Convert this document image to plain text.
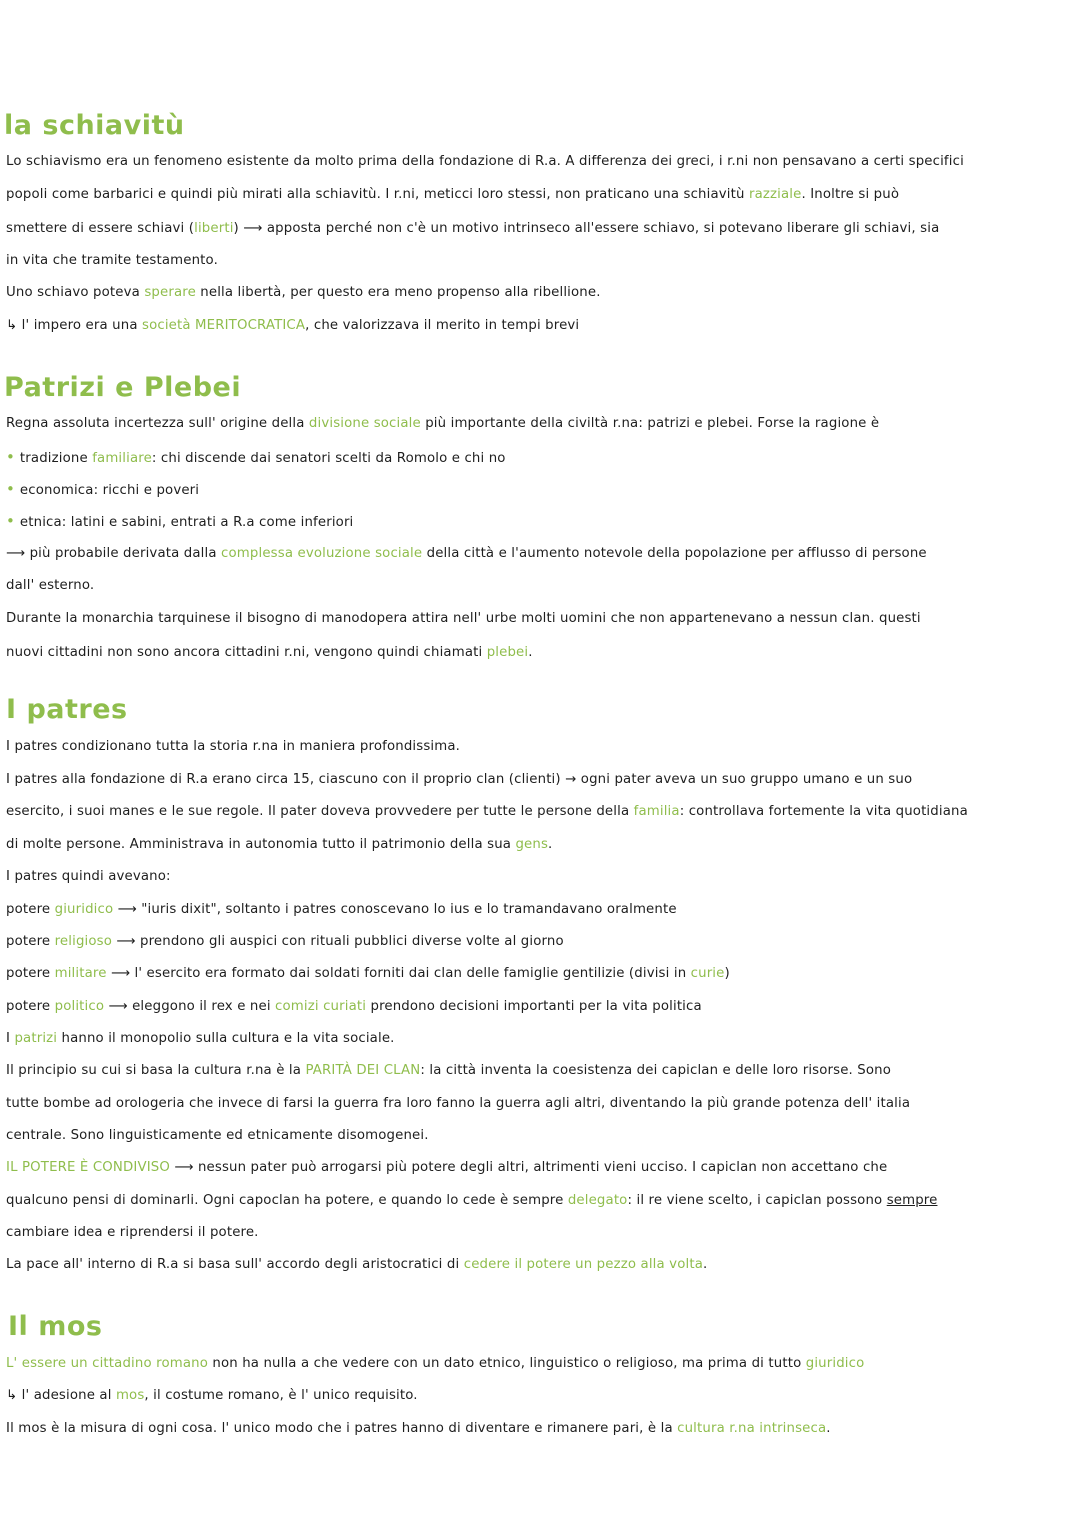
la schiavitù

Lo schiavismo era un fenomeno esistente da molto prima della fondazione di R.a. A differenza dei greci, i r.ni non pensavano a certi specifici

popoli come barbarici e quindi più mirati alla schiavitù. I r.ni, meticci loro stessi, non praticano una schiavitù razziale. Inoltre si può

smettere di essere schiavi (liberti) ⟶ apposta perché non c'è un motivo intrinseco all'essere schiavo, si potevano liberare gli schiavi, sia

in vita che tramite testamento.

Uno schiavo poteva sperare nella libertà, per questo era meno propenso alla ribellione.

↳ l' impero era una società MERITOCRATICA, che valorizzava il merito in tempi brevi

Patrizi e Plebei

Regna assoluta incertezza sull' origine della divisione sociale più importante della civiltà r.na: patrizi e plebei. Forse la ragione è

• tradizione familiare: chi discende dai senatori scelti da Romolo e chi no

• economica: ricchi e poveri

• etnica: latini e sabini, entrati a R.a come inferiori

⟶ più probabile derivata dalla complessa evoluzione sociale della città e l'aumento notevole della popolazione per afflusso di persone

dall' esterno.

Durante la monarchia tarquinese il bisogno di manodopera attira nell' urbe molti uomini che non appartenevano a nessun clan. questi

nuovi cittadini non sono ancora cittadini r.ni, vengono quindi chiamati plebei.

I patres

I patres condizionano tutta la storia r.na in maniera profondissima.

I patres alla fondazione di R.a erano circa 15, ciascuno con il proprio clan (clienti) → ogni pater aveva un suo gruppo umano e un suo

esercito, i suoi manes e le sue regole. Il pater doveva provvedere per tutte le persone della familia: controllava fortemente la vita quotidiana

di molte persone. Amministrava in autonomia tutto il patrimonio della sua gens.

I patres quindi avevano:

potere giuridico ⟶ "iuris dixit", soltanto i patres conoscevano lo ius e lo tramandavano oralmente

potere religioso ⟶ prendono gli auspici con rituali pubblici diverse volte al giorno

potere militare ⟶ l' esercito era formato dai soldati forniti dai clan delle famiglie gentilizie (divisi in curie)

potere politico ⟶ eleggono il rex e nei comizi curiati prendono decisioni importanti per la vita politica

I patrizi hanno il monopolio sulla cultura e la vita sociale.

Il principio su cui si basa la cultura r.na è la PARITÀ DEI CLAN: la città inventa la coesistenza dei capiclan e delle loro risorse. Sono

tutte bombe ad orologeria che invece di farsi la guerra fra loro fanno la guerra agli altri, diventando la più grande potenza dell' italia

centrale. Sono linguisticamente ed etnicamente disomogenei.

IL POTERE È CONDIVISO ⟶ nessun pater può arrogarsi più potere degli altri, altrimenti vieni ucciso. I capiclan non accettano che

qualcuno pensi di dominarli. Ogni capoclan ha potere, e quando lo cede è sempre delegato: il re viene scelto, i capiclan possono sempre

cambiare idea e riprendersi il potere.

La pace all' interno di R.a si basa sull' accordo degli aristocratici di cedere il potere un pezzo alla volta.

Il mos

L' essere un cittadino romano non ha nulla a che vedere con un dato etnico, linguistico o religioso, ma prima di tutto giuridico

↳ l' adesione al mos, il costume romano, è l' unico requisito.

Il mos è la misura di ogni cosa. l' unico modo che i patres hanno di diventare e rimanere pari, è la cultura r.na intrinseca.
